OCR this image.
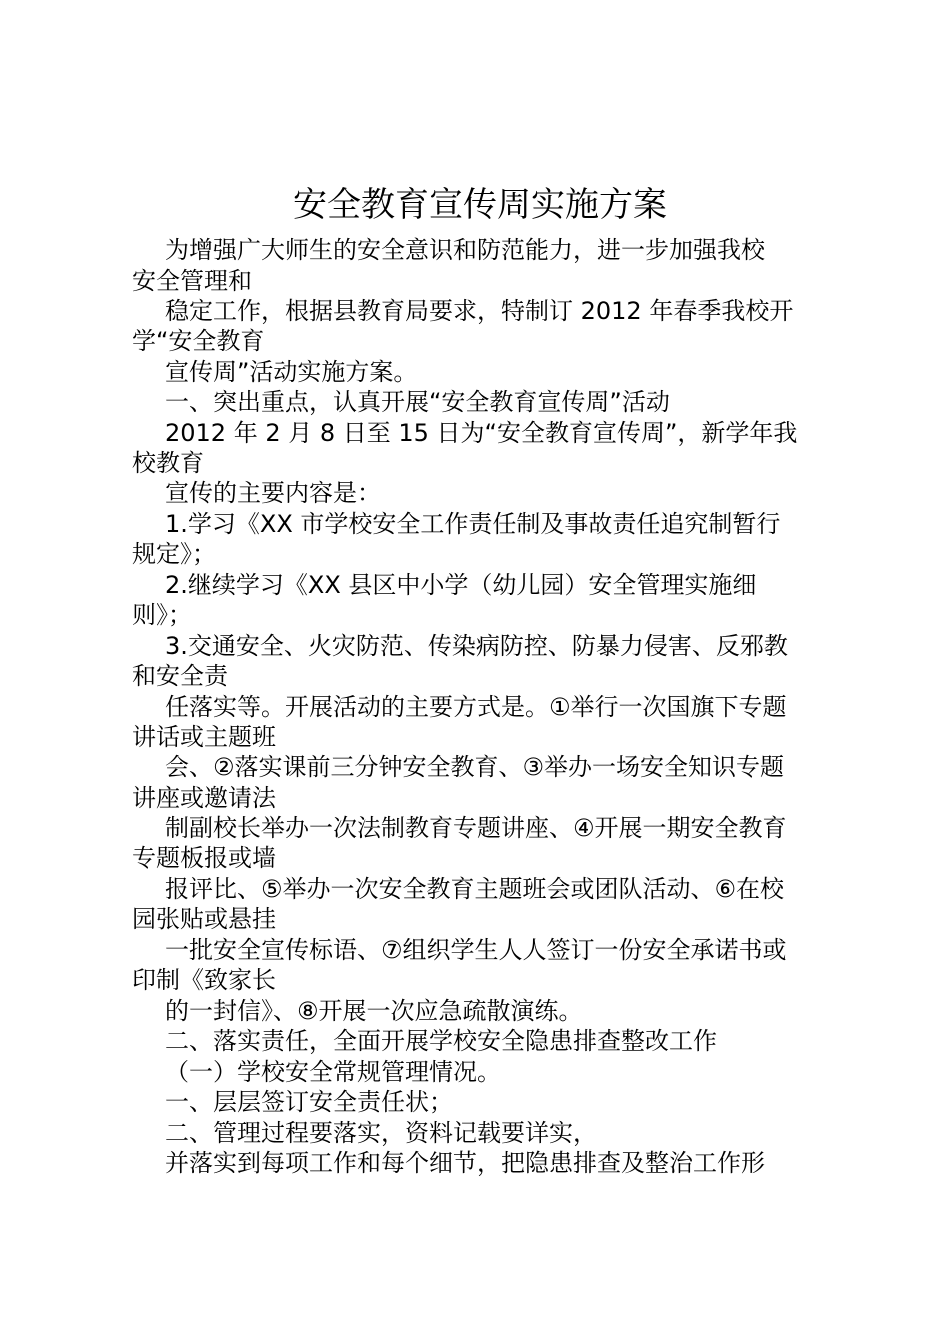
安全教育宣传周实施方案
为增强广大师生的安全意识和防范能力，进一步加强我校
安全管理和
稳定工作，根据县教育局要求，特制订 2012 年春季我校开
学“安全教育
宣传周”活动实施方案。
一、突出重点，认真开展“安全教育宣传周”活动
2012 年 2 月 8 日至 15 日为“安全教育宣传周”，新学年我
校教育
宣传的主要内容是：
1.学习《XX 市学校安全工作责任制及事故责任追究制暂行
规定》；
2.继续学习《XX 县区中小学（幼儿园）安全管理实施细
则》；
3.交通安全、火灾防范、传染病防控、防暴力侵害、反邪教
和安全责
任落实等。开展活动的主要方式是。①举行一次国旗下专题
讲话或主题班
会、②落实课前三分钟安全教育、③举办一场安全知识专题
讲座或邀请法
制副校长举办一次法制教育专题讲座、④开展一期安全教育
专题板报或墙
报评比、⑤举办一次安全教育主题班会或团队活动、⑥在校
园张贴或悬挂
一批安全宣传标语、⑦组织学生人人签订一份安全承诺书或
印制《致家长
的一封信》、⑧开展一次应急疏散演练。
二、落实责任，全面开展学校安全隐患排查整改工作
（一）学校安全常规管理情况。
一、层层签订安全责任状；
二、管理过程要落实，资料记载要详实，
并落实到每项工作和每个细节，把隐患排查及整治工作形
